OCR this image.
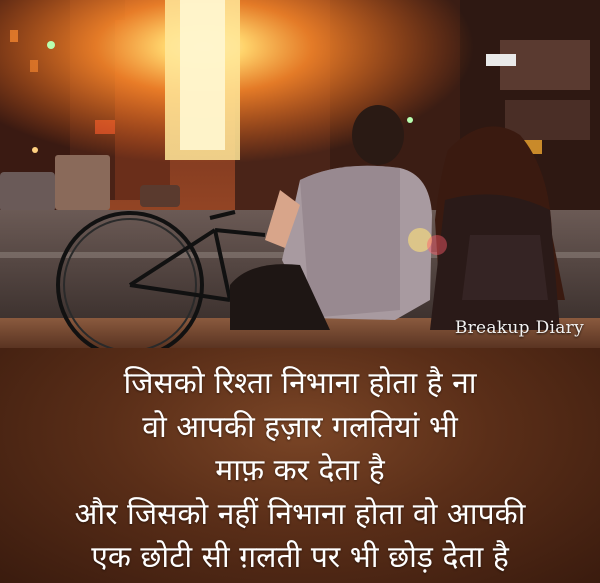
Breakup Diary
जिसको रिश्ता निभाना होता है ना
वो आपकी हज़ार गलतियां भी
माफ़ कर देता है
और जिसको नहीं निभाना होता वो आपकी
एक छोटी सी ग़लती पर भी छोड़ देता है
